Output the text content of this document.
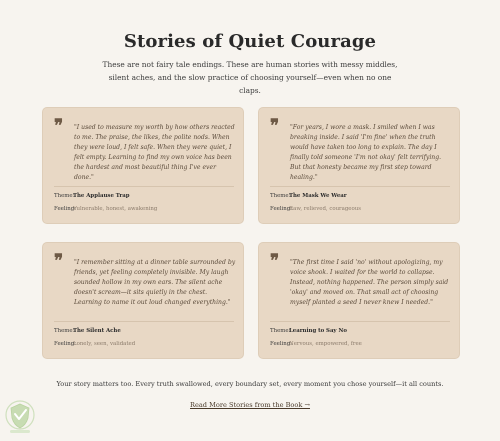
Stories of Quiet Courage
These are not fairy tale endings. These are human stories with messy middles, silent aches, and the slow practice of choosing yourself—even when no one claps.
❞ "I used to measure my worth by how others reacted to me. The praise, the likes, the polite nods. When they were loud, I felt safe. When they were quiet, I felt empty. Learning to find my own voice has been the hardest and most beautiful thing I've ever done."
Theme:The Applause Trap
Feeling:Vulnerable, honest, awakening
❞ "For years, I wore a mask. I smiled when I was breaking inside. I said 'I'm fine' when the truth would have taken too long to explain. The day I finally told someone 'I'm not okay' felt terrifying. But that honesty became my first step toward healing."
Theme:The Mask We Wear
Feeling:Raw, relieved, courageous
❞ "I remember sitting at a dinner table surrounded by friends, yet feeling completely invisible. My laugh sounded hollow in my own ears. The silent ache doesn't scream—it sits quietly in the chest. Learning to name it out loud changed everything."
Theme:The Silent Ache
Feeling:Lonely, seen, validated
❞ "The first time I said 'no' without apologizing, my voice shook. I waited for the world to collapse. Instead, nothing happened. The person simply said 'okay' and moved on. That small act of choosing myself planted a seed I never knew I needed."
Theme:Learning to Say No
Feeling:Nervous, empowered, free
Your story matters too. Every truth swallowed, every boundary set, every moment you chose yourself—it all counts.
Read More Stories from the Book →
